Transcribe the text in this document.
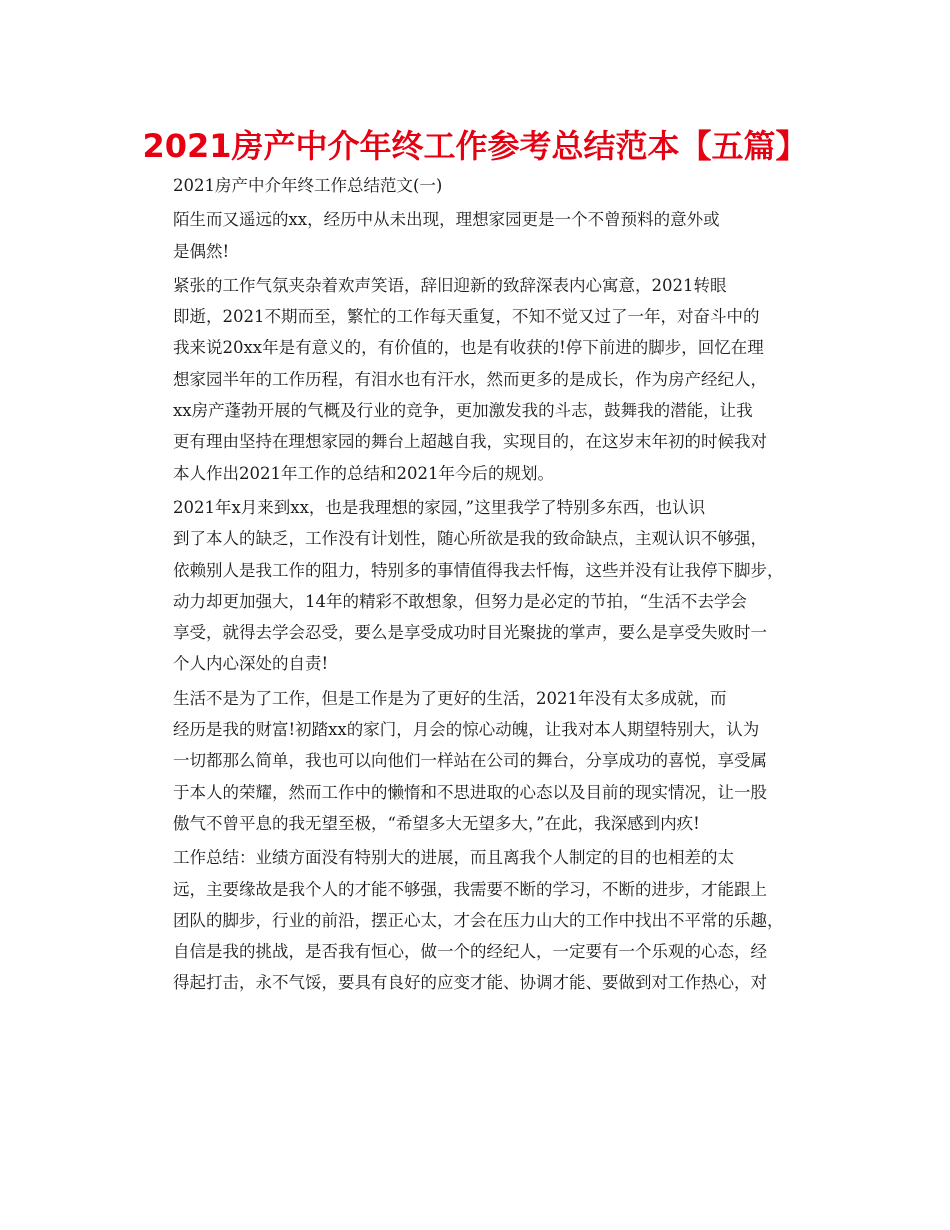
2021房产中介年终工作参考总结范本【五篇】

2021房产中介年终工作总结范文(一)

陌生而又遥远的xx，经历中从未出现，理想家园更是一个不曾预料的意外或
是偶然!

紧张的工作气氛夹杂着欢声笑语，辞旧迎新的致辞深表内心寓意，2021转眼
即逝，2021不期而至，繁忙的工作每天重复，不知不觉又过了一年，对奋斗中的
我来说20xx年是有意义的，有价值的，也是有收获的!停下前进的脚步，回忆在理
想家园半年的工作历程，有泪水也有汗水，然而更多的是成长，作为房产经纪人，
xx房产蓬勃开展的气概及行业的竞争，更加激发我的斗志，鼓舞我的潜能，让我
更有理由坚持在理想家园的舞台上超越自我，实现目的，在这岁末年初的时候我对
本人作出2021年工作的总结和2021年今后的规划。

2021年x月来到xx，也是我理想的家园，”这里我学了特别多东西，也认识
到了本人的缺乏，工作没有计划性，随心所欲是我的致命缺点，主观认识不够强，
依赖别人是我工作的阻力，特别多的事情值得我去忏悔，这些并没有让我停下脚步，
动力却更加强大，14年的精彩不敢想象，但努力是必定的节拍，“生活不去学会
享受，就得去学会忍受，要么是享受成功时目光聚拢的掌声，要么是享受失败时一
个人内心深处的自责!

生活不是为了工作，但是工作是为了更好的生活，2021年没有太多成就，而
经历是我的财富!初踏xx的家门，月会的惊心动魄，让我对本人期望特别大，认为
一切都那么简单，我也可以向他们一样站在公司的舞台，分享成功的喜悦，享受属
于本人的荣耀，然而工作中的懒惰和不思进取的心态以及目前的现实情况，让一股
傲气不曾平息的我无望至极，“希望多大无望多大，”在此，我深感到内疚!

工作总结：业绩方面没有特别大的进展，而且离我个人制定的目的也相差的太
远，主要缘故是我个人的才能不够强，我需要不断的学习，不断的进步，才能跟上
团队的脚步，行业的前沿，摆正心太，才会在压力山大的工作中找出不平常的乐趣，
自信是我的挑战，是否我有恒心，做一个的经纪人，一定要有一个乐观的心态，经
得起打击，永不气馁，要具有良好的应变才能、协调才能、要做到对工作热心，对
